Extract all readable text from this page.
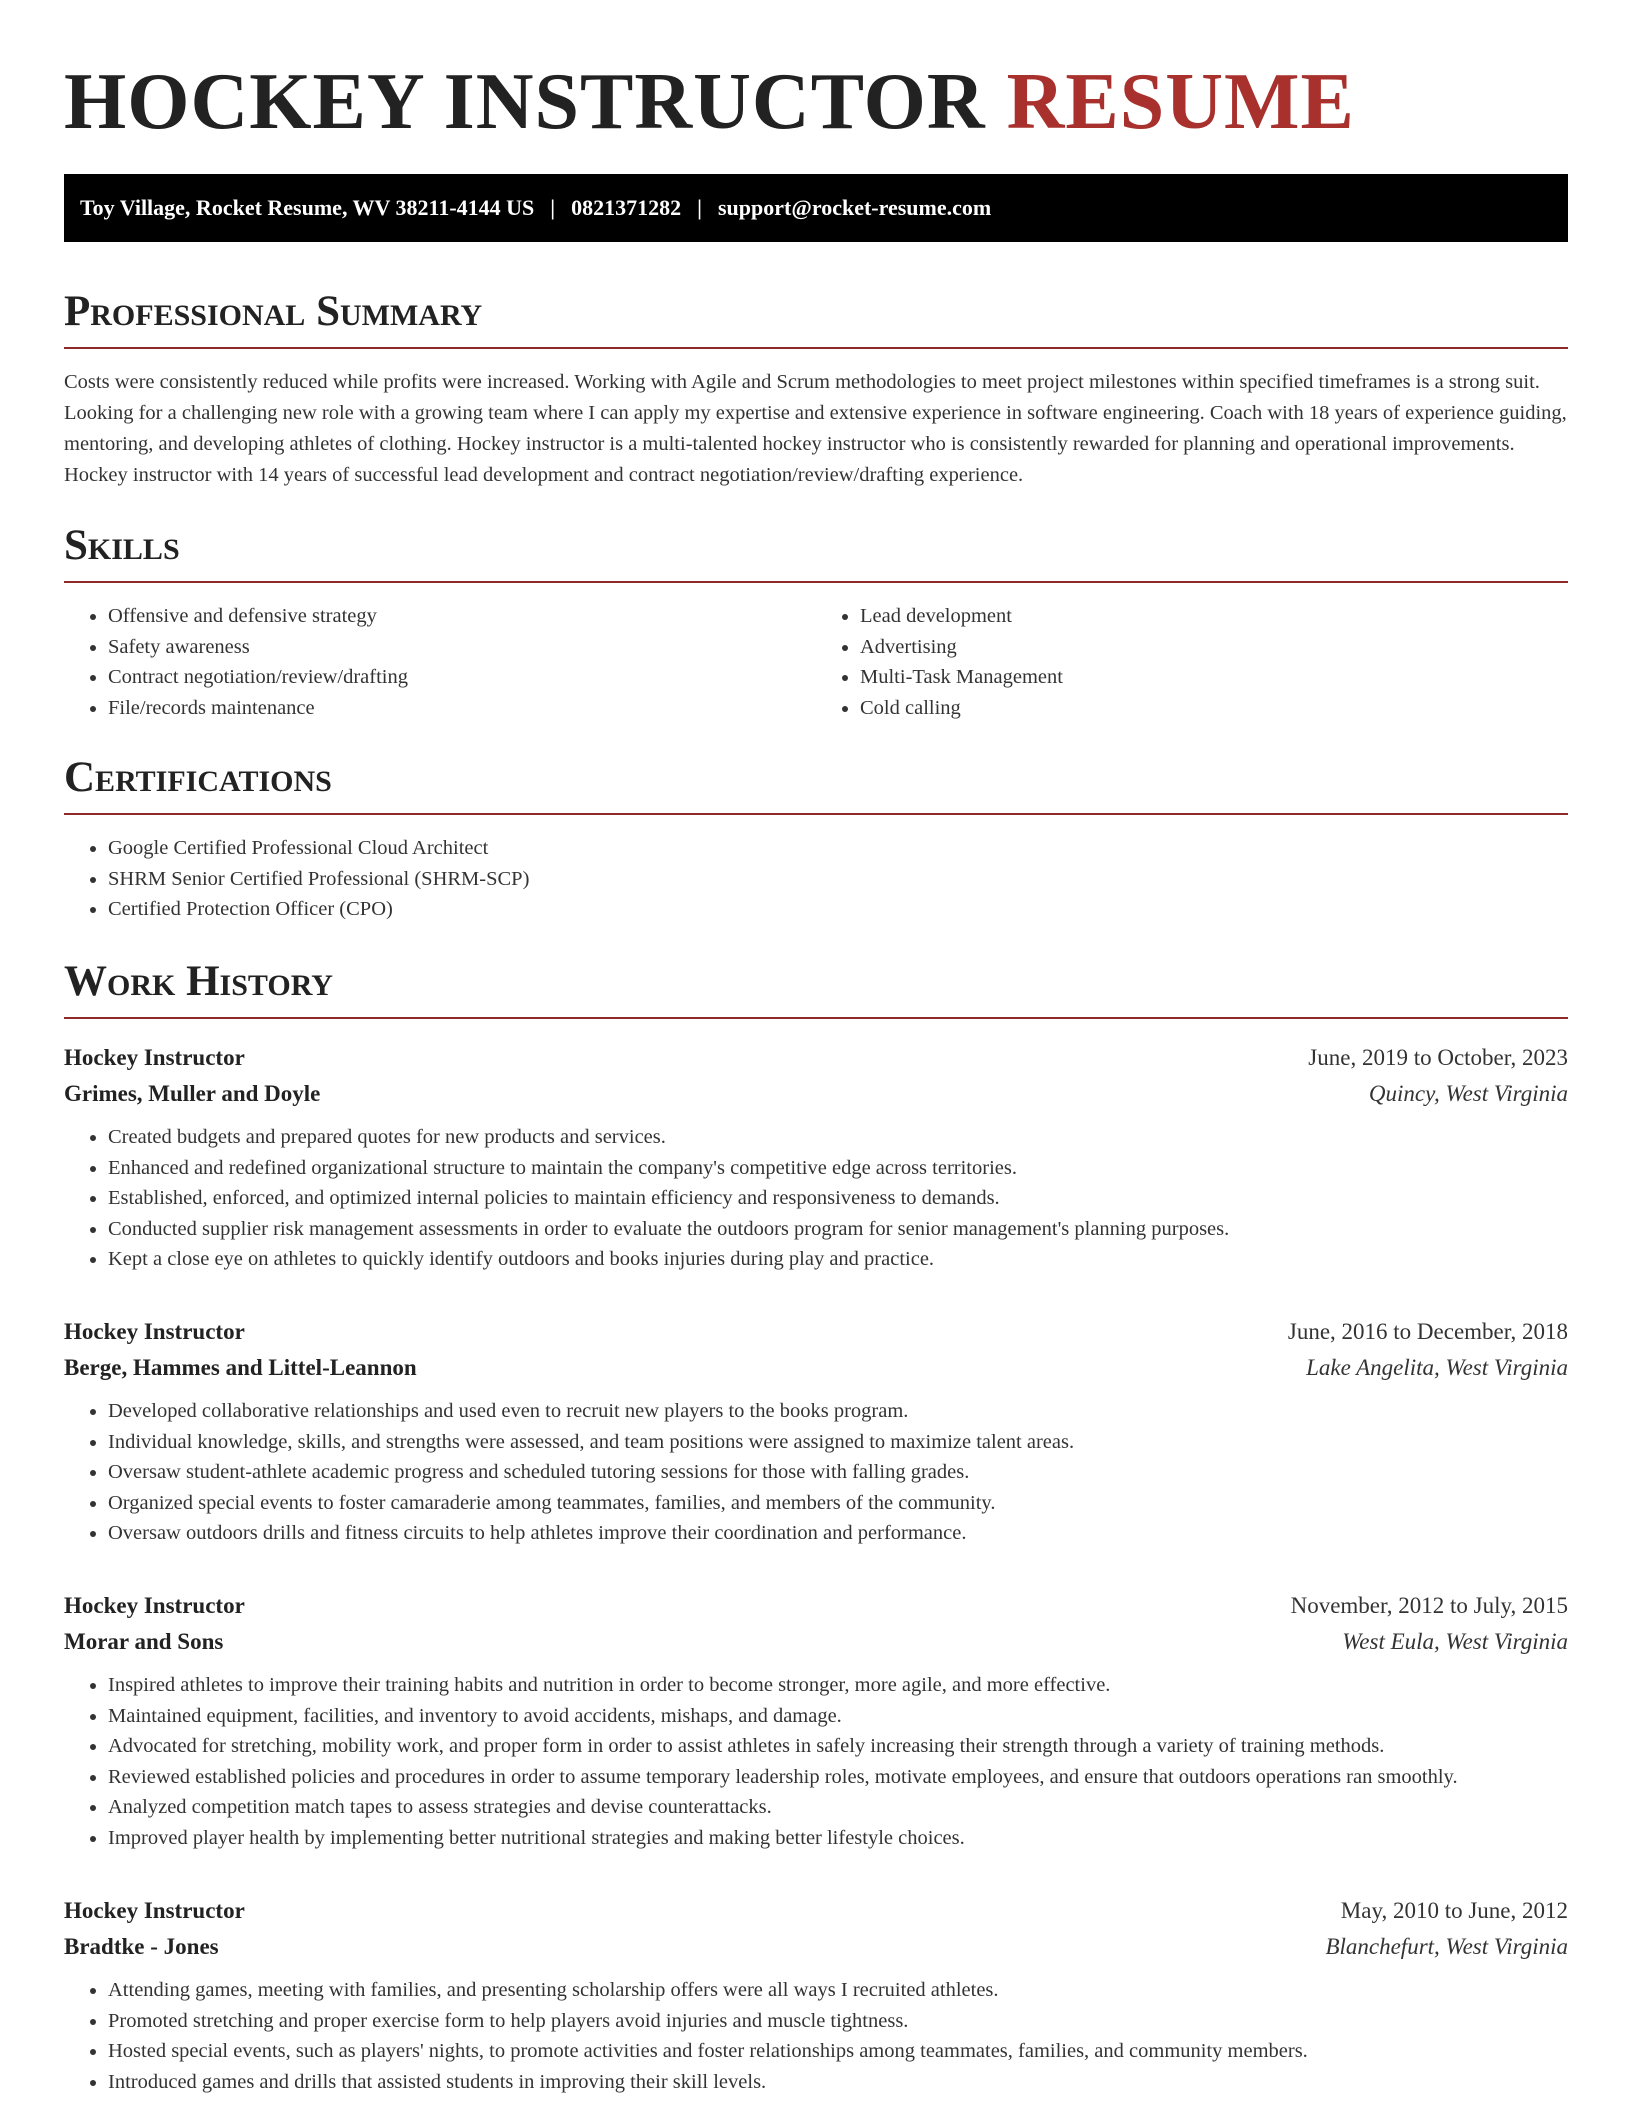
HOCKEY INSTRUCTOR RESUME
Toy Village, Rocket Resume, WV 38211-4144 US | 0821371282 | support@rocket-resume.com
Professional Summary

Costs were consistently reduced while profits were increased. Working with Agile and Scrum methodologies to meet project milestones within specified timeframes is a strong suit. Looking for a challenging new role with a growing team where I can apply my expertise and extensive experience in software engineering. Coach with 18 years of experience guiding, mentoring, and developing athletes of clothing. Hockey instructor is a multi-talented hockey instructor who is consistently rewarded for planning and operational improvements. Hockey instructor with 14 years of successful lead development and contract negotiation/review/drafting experience.

Skills
• Offensive and defensive strategy
• Safety awareness
• Contract negotiation/review/drafting
• File/records maintenance
• Lead development
• Advertising
• Multi-Task Management
• Cold calling
Certifications
• Google Certified Professional Cloud Architect
• SHRM Senior Certified Professional (SHRM-SCP)
• Certified Protection Officer (CPO)
Work History
Hockey Instructor	June, 2019 to October, 2023
Grimes, Muller and Doyle	Quincy, West Virginia
• Created budgets and prepared quotes for new products and services.
• Enhanced and redefined organizational structure to maintain the company's competitive edge across territories.
• Established, enforced, and optimized internal policies to maintain efficiency and responsiveness to demands.
• Conducted supplier risk management assessments in order to evaluate the outdoors program for senior management's planning purposes.
• Kept a close eye on athletes to quickly identify outdoors and books injuries during play and practice.
Hockey Instructor	June, 2016 to December, 2018
Berge, Hammes and Littel-Leannon	Lake Angelita, West Virginia
• Developed collaborative relationships and used even to recruit new players to the books program.
• Individual knowledge, skills, and strengths were assessed, and team positions were assigned to maximize talent areas.
• Oversaw student-athlete academic progress and scheduled tutoring sessions for those with falling grades.
• Organized special events to foster camaraderie among teammates, families, and members of the community.
• Oversaw outdoors drills and fitness circuits to help athletes improve their coordination and performance.
Hockey Instructor	November, 2012 to July, 2015
Morar and Sons	West Eula, West Virginia
• Inspired athletes to improve their training habits and nutrition in order to become stronger, more agile, and more effective.
• Maintained equipment, facilities, and inventory to avoid accidents, mishaps, and damage.
• Advocated for stretching, mobility work, and proper form in order to assist athletes in safely increasing their strength through a variety of training methods.
• Reviewed established policies and procedures in order to assume temporary leadership roles, motivate employees, and ensure that outdoors operations ran smoothly.
• Analyzed competition match tapes to assess strategies and devise counterattacks.
• Improved player health by implementing better nutritional strategies and making better lifestyle choices.
Hockey Instructor	May, 2010 to June, 2012
Bradtke - Jones	Blanchefurt, West Virginia
• Attending games, meeting with families, and presenting scholarship offers were all ways I recruited athletes.
• Promoted stretching and proper exercise form to help players avoid injuries and muscle tightness.
• Hosted special events, such as players' nights, to promote activities and foster relationships among teammates, families, and community members.
• Introduced games and drills that assisted students in improving their skill levels.
